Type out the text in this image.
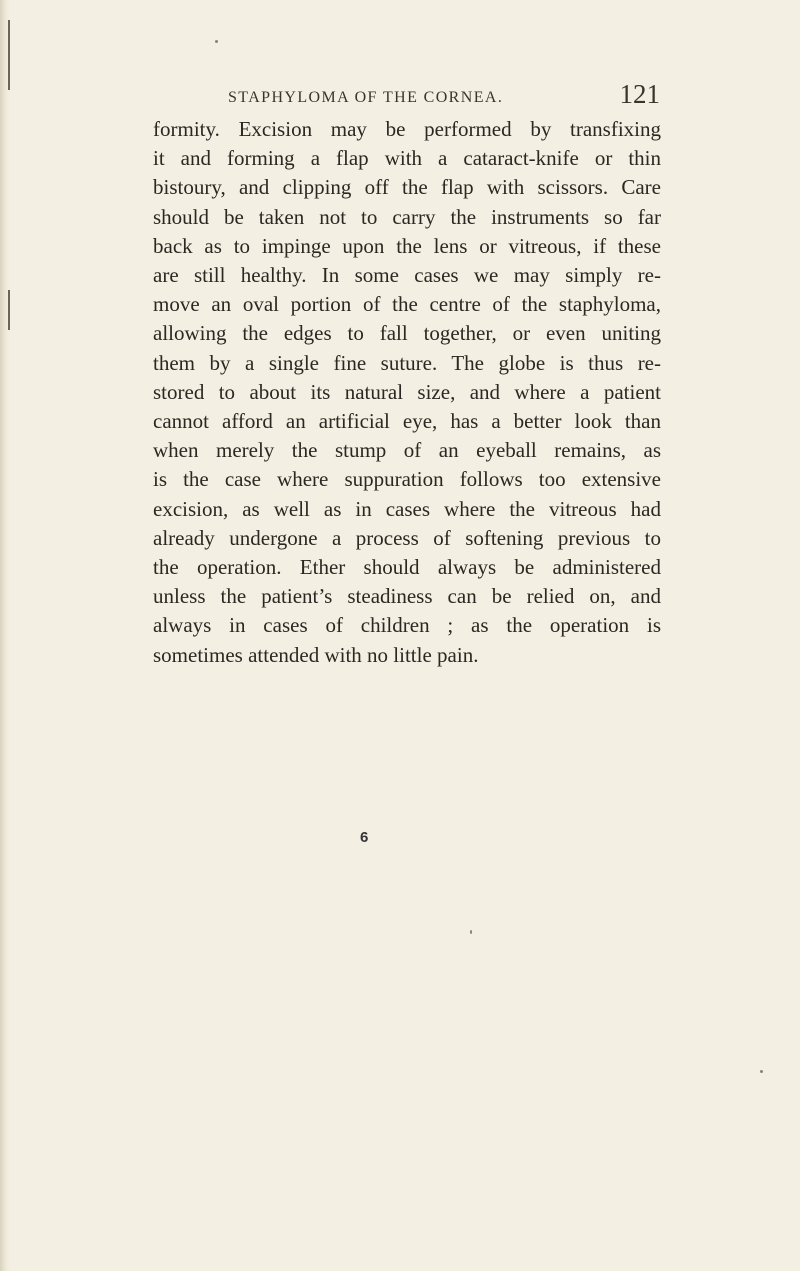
STAPHYLOMA OF THE CORNEA.	121
formity. Excision may be performed by transfixing
it and forming a flap with a cataract-knife or thin
bistoury, and clipping off the flap with scissors. Care
should be taken not to carry the instruments so far
back as to impinge upon the lens or vitreous, if these
are still healthy. In some cases we may simply re-
move an oval portion of the centre of the staphyloma,
allowing the edges to fall together, or even uniting
them by a single fine suture. The globe is thus re-
stored to about its natural size, and where a patient
cannot afford an artificial eye, has a better look than
when merely the stump of an eyeball remains, as
is the case where suppuration follows too extensive
excision, as well as in cases where the vitreous had
already undergone a process of softening previous to
the operation. Ether should always be administered
unless the patient’s steadiness can be relied on, and
always in cases of children ; as the operation is
sometimes attended with no little pain.
6
